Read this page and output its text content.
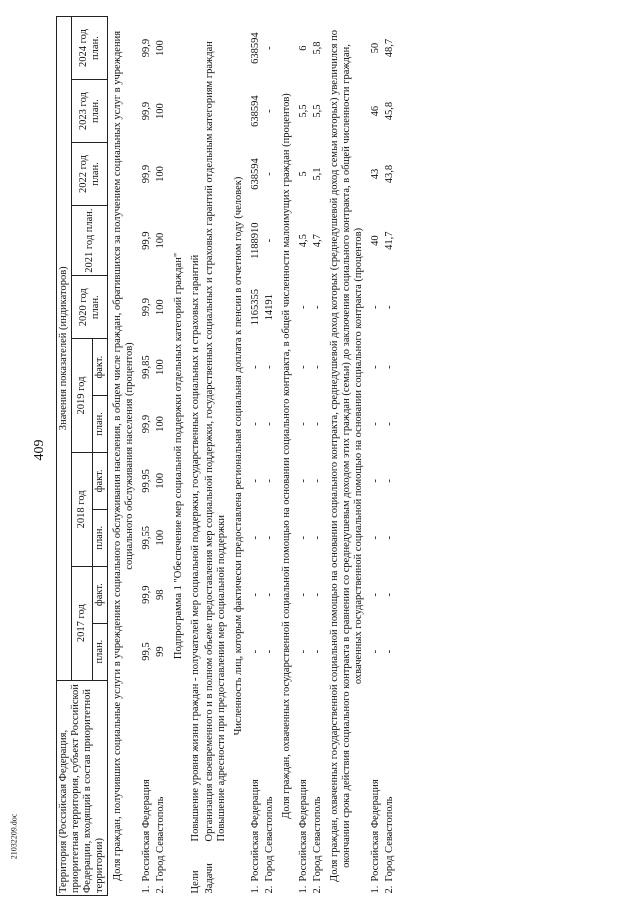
409
21032209.doc	Территория (Российская Федерация, приоритетная территория, субъект Российской Федерации, входящий в состав приоритетной территории)	Значения показателей (индикаторов)										
	2017 год		2018 год		2019 год		2020 год план.	2021 год план.	2022 год план.	2023 год план.	2024 год план.
	план.	факт.	план.	факт.	план.	факт.					
Доля граждан, получивших социальные услуги в учреждениях социального обслуживания населения, в общем числе граждан, обратившихся за получением социальных услуг в учреждения социального обслуживания населения (процентов)											
1.Российская Федерация	99,5	99,9	99,55	99,95	99,9	99,85	99,9	99,9	99,9	99,9	99,9
2.Город Севастополь	99	98	100	100	100	100	100	100	100	100	100
Подпрограмма 1 "Обеспечение мер социальной поддержки отдельных категорий граждан"											
ЦелиПовышение уровня жизни граждан - получателей мер социальной поддержки, государственных социальных и страховых гарантий											

Задачи
Организация своевременного и в полном объеме предоставления мер социальной поддержки, государственных социальных и страховых гарантий отдельным категориям граждан Повышение адресности при предоставлении мер социальной поддержки											

Численность лиц, которым фактически предоставлена региональная социальная доплата к пенсии в отчетном году (человек)											
1.Российская Федерация	-	-	-	-	-	-	1165355	1188910	638594	638594	638594
2.Город Севастополь	-	-	-	-	-	-	14191	-	-	-	-
Доля граждан, охваченных государственной социальной помощью на основании социального контракта, в общей численности малоимущих граждан (процентов)											
1.Российская Федерация	-	-	-	-	-	-	-	4,5	5	5,5	6
2.Город Севастополь	-	-	-	-	-	-	-	4,7	5,1	5,5	5,8
Доля граждан, охваченных государственной социальной помощью на основании социального контракта, среднедушевой доход которых (среднедушевой доход семьи которых) увеличился по окончании срока действия социального контракта в сравнении со среднедушевым доходом этих граждан (семьи) до заключения социального контракта, в общей численности граждан, охваченных государственной социальной помощью на основании социального контракта (процентов)											
1.Российская Федерация	-	-	-	-	-	-	-	40	43	46	50
2.Город Севастополь	-	-	-	-	-	-	-	41,7	43,8	45,8	48,7
